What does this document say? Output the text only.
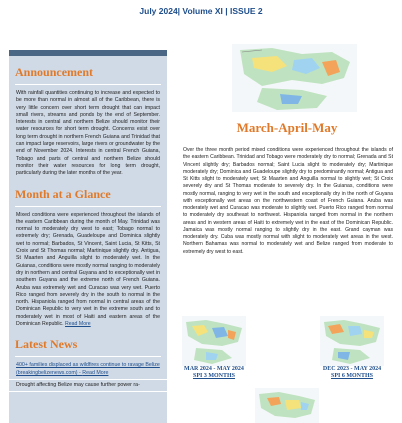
July 2024| Volume XI | ISSUE 2
Announcement
With rainfall quantities continuing to increase and expected to be more than normal in almost all of the Caribbean, there is very little concern over short term drought that can impact small rivers, streams and ponds by the end of September. Interests in central and northern Belize should monitor their water resources for short term drought. Concerns exist over long term drought in northern French Guiana and Trinidad that can impact large reservoirs, large rivers or groundwater by the end of November 2024. Interests in central French Guiana, Tobago and parts of central and northern Belize should monitor their water resources for long term drought, particularly during the later months of the year.
Month at a Glance
Mixed conditions were experienced throughout the islands of the eastern Caribbean during the month of May. Trinidad was normal to moderately dry west to east; Tobago normal to extremely dry; Grenada, Guadeloupe and Dominica slightly wet to normal; Barbados, St Vincent, Saint Lucia, St Kitts, St Croix and St Thomas normal; Martinique slightly dry. Antigua, St Maarten and Anguilla slight to moderately wet. In the Guianas, conditions were mostly normal ranging to moderately dry in northern and central Guyana and to exceptionally wet in southern Guyana and the extreme north of French Guiana. Aruba was extremely wet and Curacao was very wet. Puerto Rico ranged from severely dry in the south to normal in the north. Hispaniola ranged from normal in central areas of the Dominican Republic to very wet in the extreme south and to moderately wet in most of Haiti and eastern areas of the Dominican Republic. Read More
Latest News
400+ families displaced as wildfires continue to ravage Belize (breakingbelizenews.com) - Read More
Drought affecting Belize may cause further power ra-
March-April-May
Over the three month period mixed conditions were experienced throughout the islands of the eastern Caribbean. Trinidad and Tobago were moderately dry to normal; Grenada and St Vincent slightly dry; Barbados normal; Saint Lucia slight to moderately dry; Martinique moderately dry; Dominica and Guadeloupe slightly dry to predominantly normal; Antigua and St Kitts slight to moderately wet; St Maarten and Anguilla normal to slightly wet; St Croix severely dry and St Thomas moderate to severely dry. In the Guianas, conditions were mostly normal, ranging to very wet in the south and exceptionally dry in the north of Guyana with exceptionally wet areas on the northwestern coast of French Guiana. Aruba was moderately wet and Curacao was moderate to slightly wet. Puerto Rico ranged from normal to moderately dry southeast to northwest. Hispaniola ranged from normal in the northern areas and in western areas of Haiti to extremely wet in the east of the Dominican Republic. Jamaica was mostly normal ranging to slightly dry in the east. Grand cayman was moderately dry. Cuba was mostly normal with slight to moderately wet areas in the west. Northern Bahamas was normal to moderately wet and Belize ranged from moderate to extremely dry west to east.
MAR 2024 - MAY 2024
SPI 3 MONTHS
DEC 2023 - MAY 2024
SPI 6 MONTHS
